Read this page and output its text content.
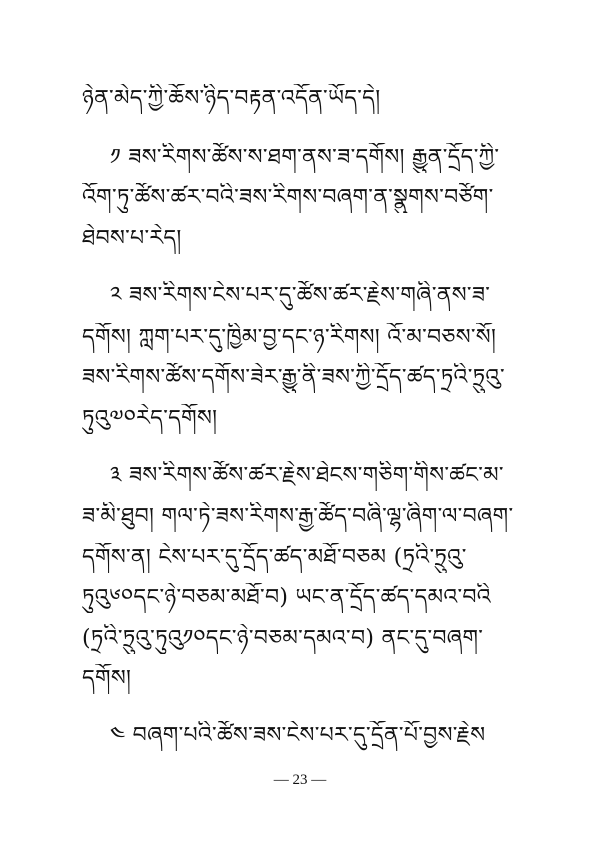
ཉེན་མེད་ཀྱི་ཆོས་ཉིད་བརྟན་འདོན་ཡོད་དེ།
༡ ཟས་རིགས་ཚོས་ས་ཐག་ནས་ཟ་དགོས། རྒྱུན་དྲོད་ཀྱི་
འོག་ཏུ་ཚོས་ཚར་བའི་ཟས་རིགས་བཞག་ན་སྣུགས་བཙོག་
ཐེབས་པ་རེད།
༢ ཟས་རིགས་ངེས་པར་དུ་ཚོས་ཚར་རྗེས་གཞི་ནས་ཟ་
དགོས། ཀླག་པར་དུ་ཁྱིམ་བྱ་དང་ཉ་རིགས། འོ་མ་བཅས་སོ།
ཟས་རིགས་ཚོས་དགོས་ཟེར་རྒྱུ་ནི་ཟས་ཀྱི་དྲོད་ཚད་ཏྲའི་ཏྲུའུ་
ཏུའུ༧༠རེད་དགོས།
༣ ཟས་རིགས་ཚོས་ཚར་རྗེས་ཐེངས་གཅིག་གིས་ཚང་མ་
ཟ་མི་ཐུབ། གལ་ཏེ་ཟས་རིགས་རྒྱ་ཚོད་བཞི་ལྷ་ཞིག་ལ་བཞག་
དགོས་ན། ངེས་པར་དུ་དྲོད་ཚད་མཐོ་བཅམ (ཏྲའི་ཏྲུའུ་
ཏུའུ༦༠དང་ཉེ་བཅམ་མཐོ་བ) ཡང་ན་དྲོད་ཚད་དམའ་བའི
(ཏྲའི་ཏྲུའུ་ཏུའུ༡༠དང་ཉེ་བཅམ་དམའ་བ) ནང་དུ་བཞག་
དགོས།
༤ བཞག་པའི་ཚོས་ཟས་ངེས་པར་དུ་དྲོན་པོ་བྱས་རྗེས
— 23 —
